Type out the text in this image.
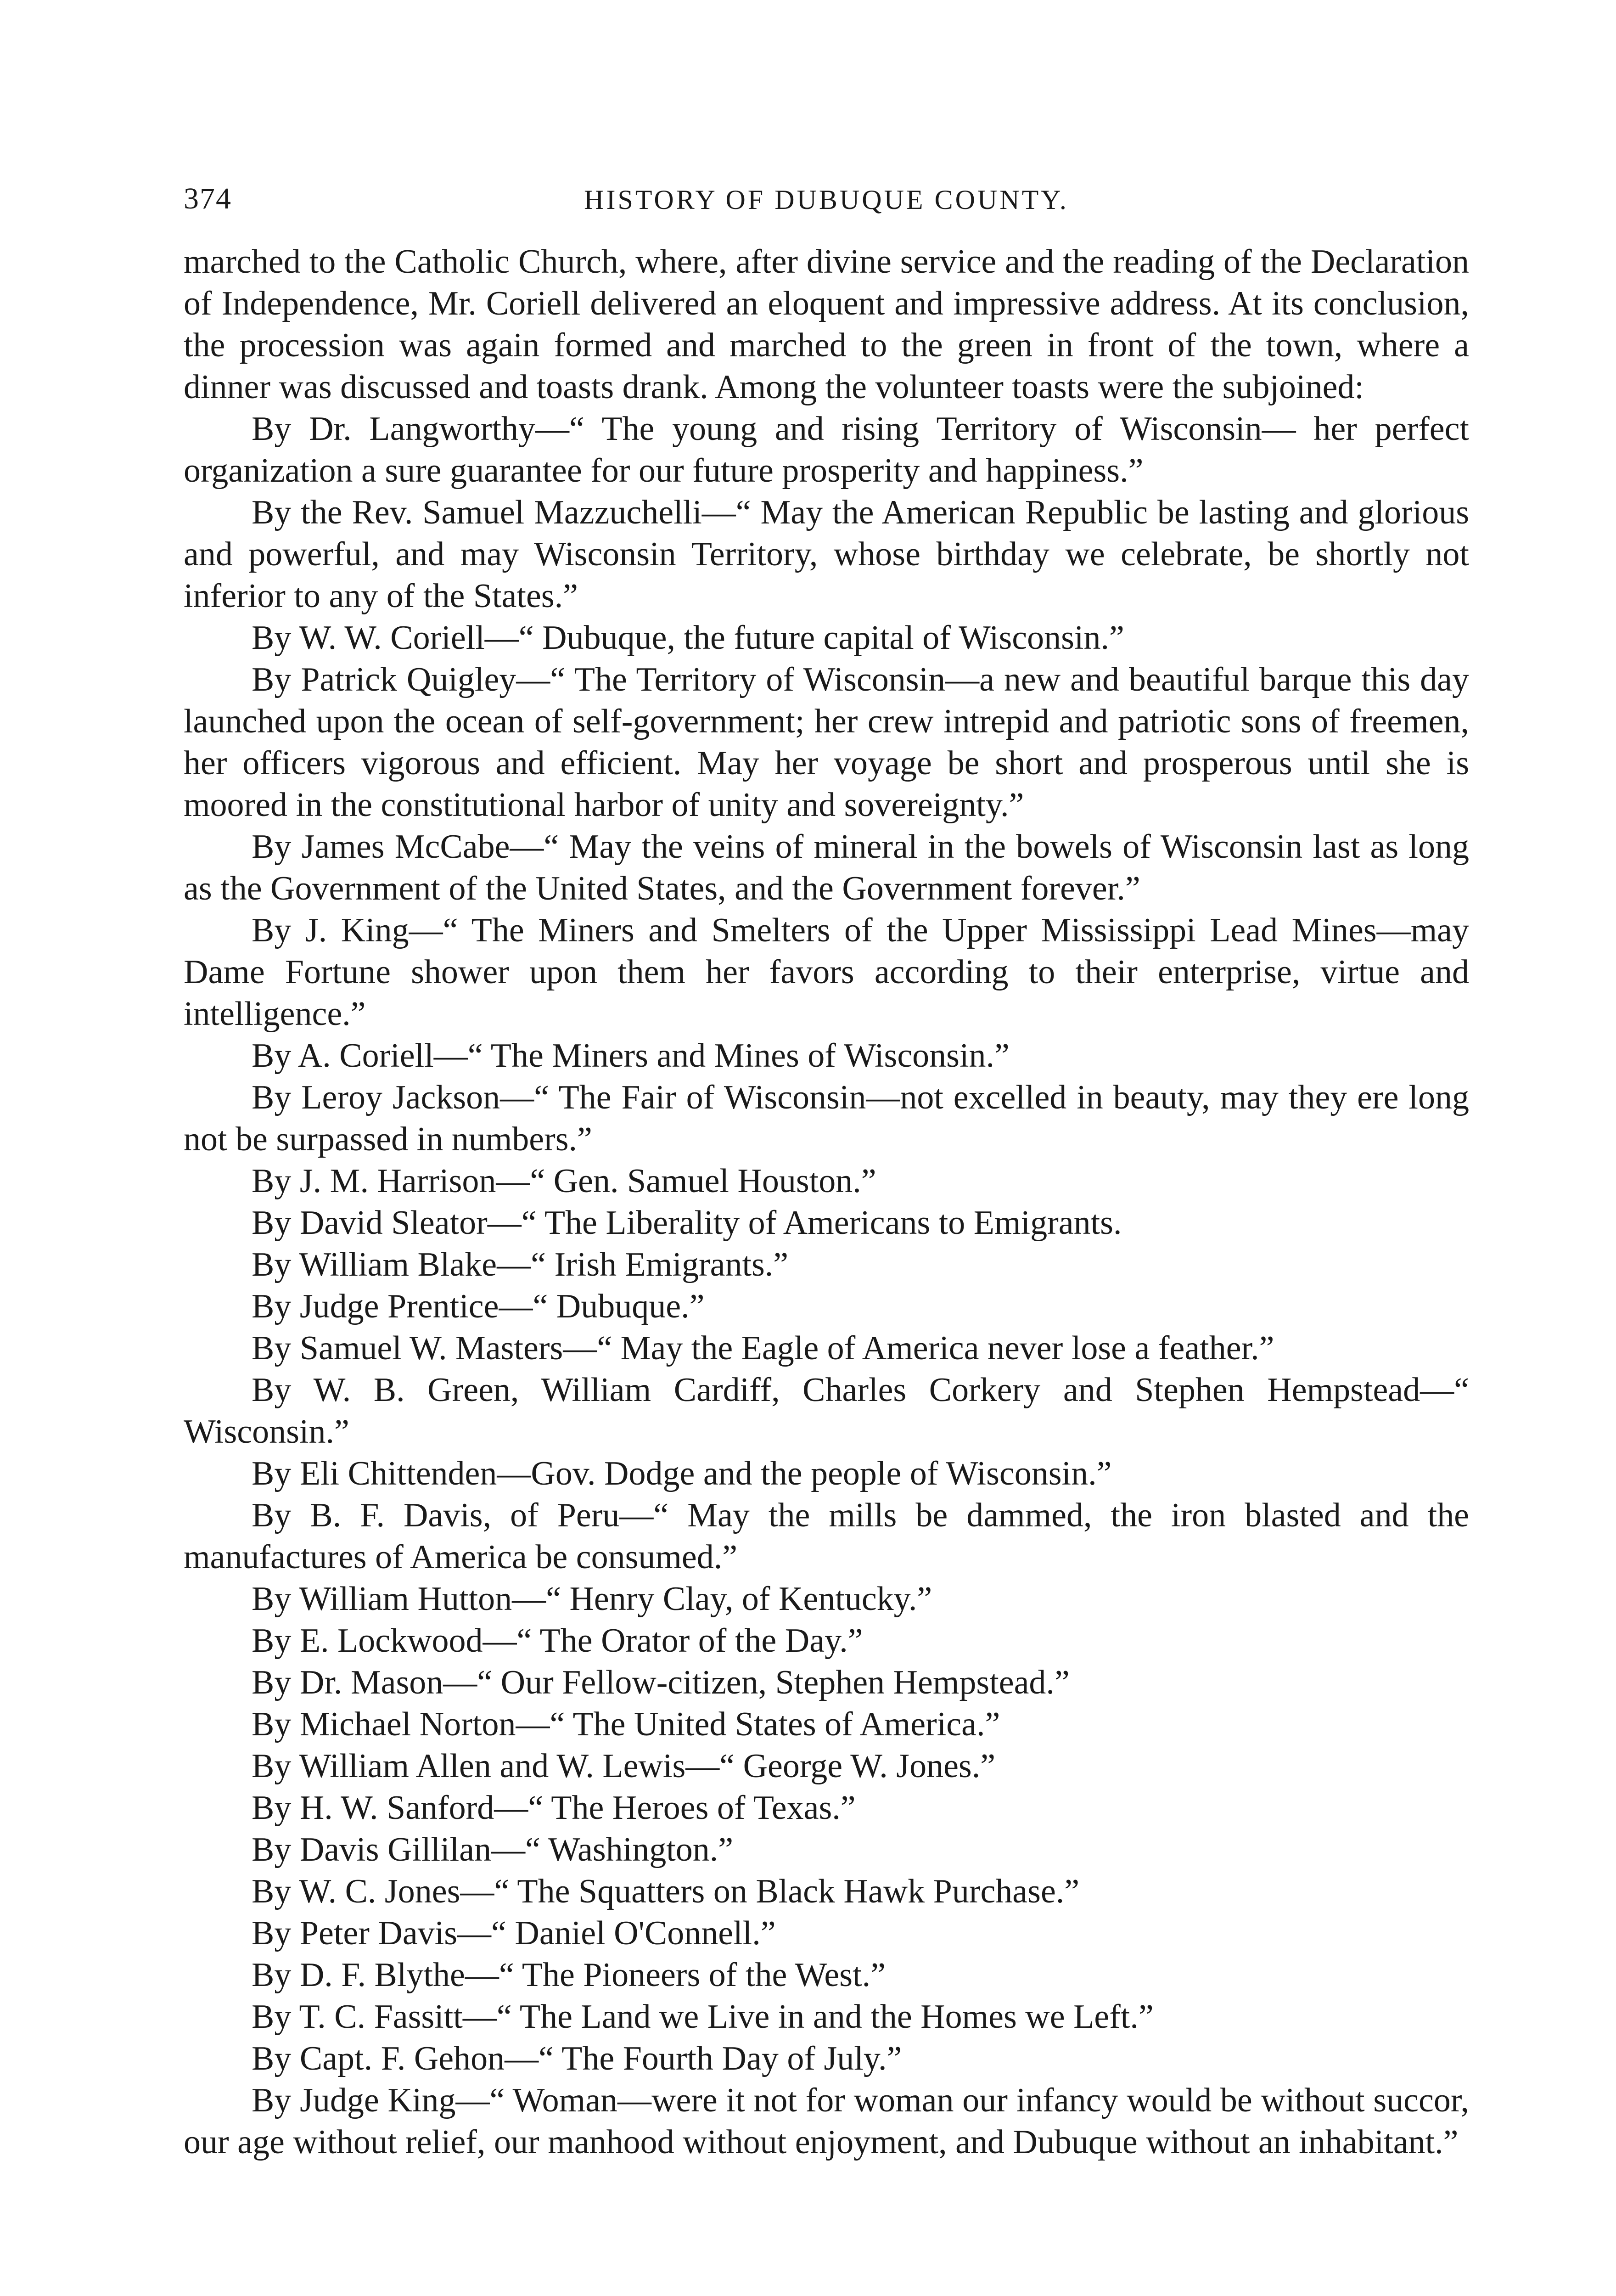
374	HISTORY OF DUBUQUE COUNTY.

marched to the Catholic Church, where, after divine service and the reading of the Declaration of Independence, Mr. Coriell delivered an eloquent and impressive address. At its conclusion, the procession was again formed and marched to the green in front of the town, where a dinner was discussed and toasts drank. Among the volunteer toasts were the subjoined:

By Dr. Langworthy—“ The young and rising Territory of Wisconsin— her perfect organization a sure guarantee for our future prosperity and happiness.”

By the Rev. Samuel Mazzuchelli—“ May the American Republic be lasting and glorious and powerful, and may Wisconsin Territory, whose birthday we celebrate, be shortly not inferior to any of the States.”

By W. W. Coriell—“ Dubuque, the future capital of Wisconsin.”

By Patrick Quigley—“ The Territory of Wisconsin—a new and beautiful barque this day launched upon the ocean of self-government; her crew intrepid and patriotic sons of freemen, her officers vigorous and efficient. May her voyage be short and prosperous until she is moored in the constitutional harbor of unity and sovereignty.”

By James McCabe—“ May the veins of mineral in the bowels of Wisconsin last as long as the Government of the United States, and the Government forever.”

By J. King—“ The Miners and Smelters of the Upper Mississippi Lead Mines—may Dame Fortune shower upon them her favors according to their enterprise, virtue and intelligence.”

By A. Coriell—“ The Miners and Mines of Wisconsin.”

By Leroy Jackson—“ The Fair of Wisconsin—not excelled in beauty, may they ere long not be surpassed in numbers.”

By J. M. Harrison—“ Gen. Samuel Houston.”

By David Sleator—“ The Liberality of Americans to Emigrants.

By William Blake—“ Irish Emigrants.”

By Judge Prentice—“ Dubuque.”

By Samuel W. Masters—“ May the Eagle of America never lose a feather.”

By W. B. Green, William Cardiff, Charles Corkery and Stephen Hempstead—“ Wisconsin.”

By Eli Chittenden—Gov. Dodge and the people of Wisconsin.”

By B. F. Davis, of Peru—“ May the mills be dammed, the iron blasted and the manufactures of America be consumed.”

By William Hutton—“ Henry Clay, of Kentucky.”

By E. Lockwood—“ The Orator of the Day.”

By Dr. Mason—“ Our Fellow-citizen, Stephen Hempstead.”

By Michael Norton—“ The United States of America.”

By William Allen and W. Lewis—“ George W. Jones.”

By H. W. Sanford—“ The Heroes of Texas.”

By Davis Gillilan—“ Washington.”

By W. C. Jones—“ The Squatters on Black Hawk Purchase.”

By Peter Davis—“ Daniel O'Connell.”

By D. F. Blythe—“ The Pioneers of the West.”

By T. C. Fassitt—“ The Land we Live in and the Homes we Left.”

By Capt. F. Gehon—“ The Fourth Day of July.”

By Judge King—“ Woman—were it not for woman our infancy would be without succor, our age without relief, our manhood without enjoyment, and Dubuque without an inhabitant.”
